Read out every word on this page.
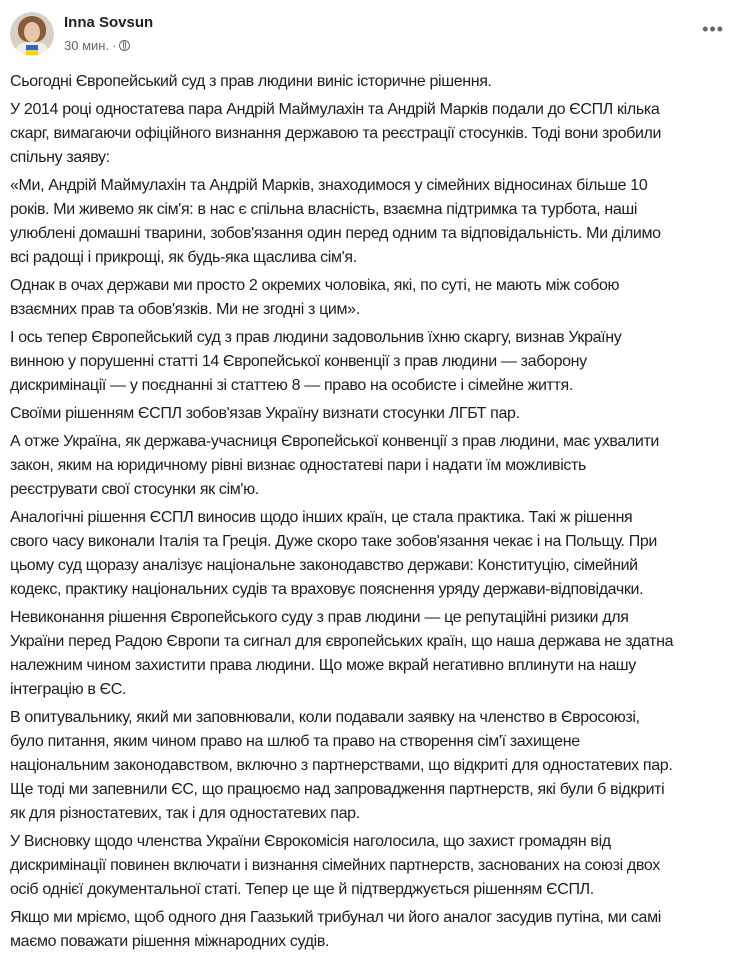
Inna Sovsun
30 мин. ·
•••
Сьогодні Європейський суд з прав людини виніс історичне рішення.
У 2014 році одностатева пара Андрій Маймулахін та Андрій Марків подали до ЄСПЛ кілька
скарг, вимагаючи офіційного визнання державою та реєстрації стосунків. Тоді вони зробили
спільну заяву:
«Ми, Андрій Маймулахін та Андрій Марків, знаходимося у сімейних відносинах більше 10
років. Ми живемо як сім'я: в нас є спільна власність, взаємна підтримка та турбота, наші
улюблені домашні тварини, зобов'язання один перед одним та відповідальність. Ми ділимо
всі радощі і прикрощі, як будь-яка щаслива сім'я.
Однак в очах держави ми просто 2 окремих чоловіка, які, по суті, не мають між собою
взаємних прав та обов'язків. Ми не згодні з цим».
І ось тепер Європейський суд з прав людини задовольнив їхню скаргу, визнав Україну
винною у порушенні статті 14 Європейської конвенції з прав людини — заборону
дискримінації — у поєднанні зі статтею 8 — право на особисте і сімейне життя.
Своїми рішенням ЄСПЛ зобов'язав Україну визнати стосунки ЛГБТ пар.
А отже Україна, як держава-учасниця Європейської конвенції з прав людини, має ухвалити
закон, яким на юридичному рівні визнає одностатеві пари і надати їм можливість
реєструвати свої стосунки як сім'ю.
Аналогічні рішення ЄСПЛ виносив щодо інших країн, це стала практика. Такі ж рішення
свого часу виконали Італія та Греція. Дуже скоро таке зобов'язання чекає і на Польщу. При
цьому суд щоразу аналізує національне законодавство держави: Конституцію, сімейний
кодекс, практику національних судів та враховує пояснення уряду держави-відповідачки.
Невиконання рішення Європейського суду з прав людини — це репутаційні ризики для
України перед Радою Європи та сигнал для європейських країн, що наша держава не здатна
належним чином захистити права людини. Що може вкрай негативно вплинути на нашу
інтеграцію в ЄС.
В опитувальнику, який ми заповнювали, коли подавали заявку на членство в Євросоюзі,
було питання, яким чином право на шлюб та право на створення сім'ї захищене
національним законодавством, включно з партнерствами, що відкриті для одностатевих пар.
Ще тоді ми запевнили ЄС, що працюємо над запровадження партнерств, які були б відкриті
як для різностатевих, так і для одностатевих пар.
У Висновку щодо членства України Єврокомісія наголосила, що захист громадян від
дискримінації повинен включати і визнання сімейних партнерств, заснованих на союзі двох
осіб однієї документальної статі. Тепер це ще й підтверджується рішенням ЄСПЛ.
Якщо ми мріємо, щоб одного дня Гаазький трибунал чи його аналог засудив путіна, ми самі
маємо поважати рішення міжнародних судів.
